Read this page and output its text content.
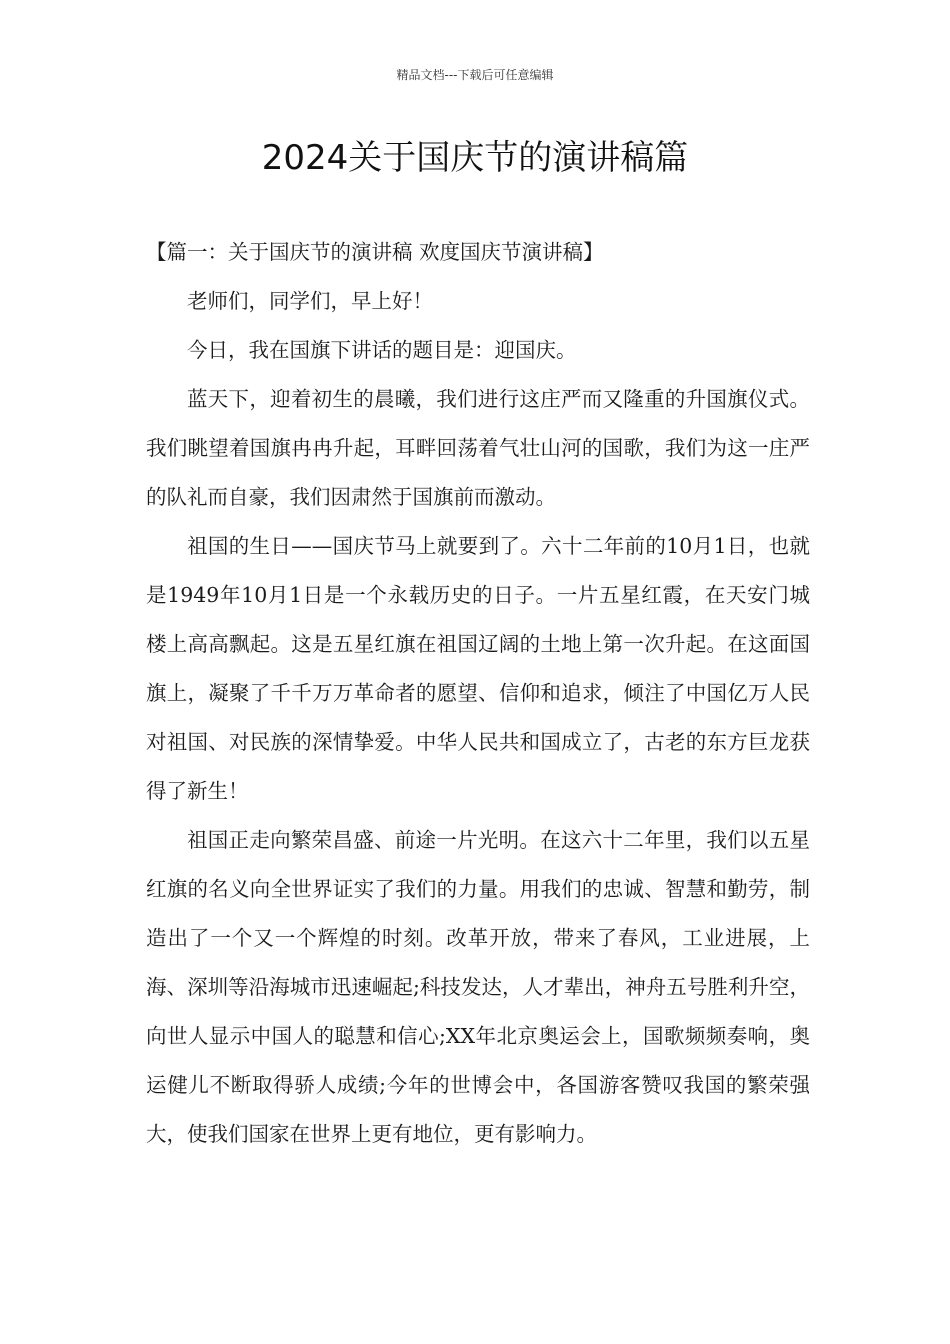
精品文档---下载后可任意编辑
2024关于国庆节的演讲稿篇

【篇一：关于国庆节的演讲稿 欢度国庆节演讲稿】

老师们，同学们，早上好！

今日，我在国旗下讲话的题目是：迎国庆。

蓝天下，迎着初生的晨曦，我们进行这庄严而又隆重的升国旗仪式。我们眺望着国旗冉冉升起，耳畔回荡着气壮山河的国歌，我们为这一庄严的队礼而自豪，我们因肃然于国旗前而激动。

祖国的生日——国庆节马上就要到了。六十二年前的10月1日，也就是1949年10月1日是一个永载历史的日子。一片五星红霞，在天安门城楼上高高飘起。这是五星红旗在祖国辽阔的土地上第一次升起。在这面国旗上，凝聚了千千万万革命者的愿望、信仰和追求，倾注了中国亿万人民对祖国、对民族的深情挚爱。中华人民共和国成立了，古老的东方巨龙获得了新生！

祖国正走向繁荣昌盛、前途一片光明。在这六十二年里，我们以五星红旗的名义向全世界证实了我们的力量。用我们的忠诚、智慧和勤劳，制造出了一个又一个辉煌的时刻。改革开放，带来了春风，工业进展，上海、深圳等沿海城市迅速崛起;科技发达，人才辈出，神舟五号胜利升空，向世人显示中国人的聪慧和信心;XX年北京奥运会上，国歌频频奏响，奥运健儿不断取得骄人成绩;今年的世博会中，各国游客赞叹我国的繁荣强大，使我们国家在世界上更有地位，更有影响力。
